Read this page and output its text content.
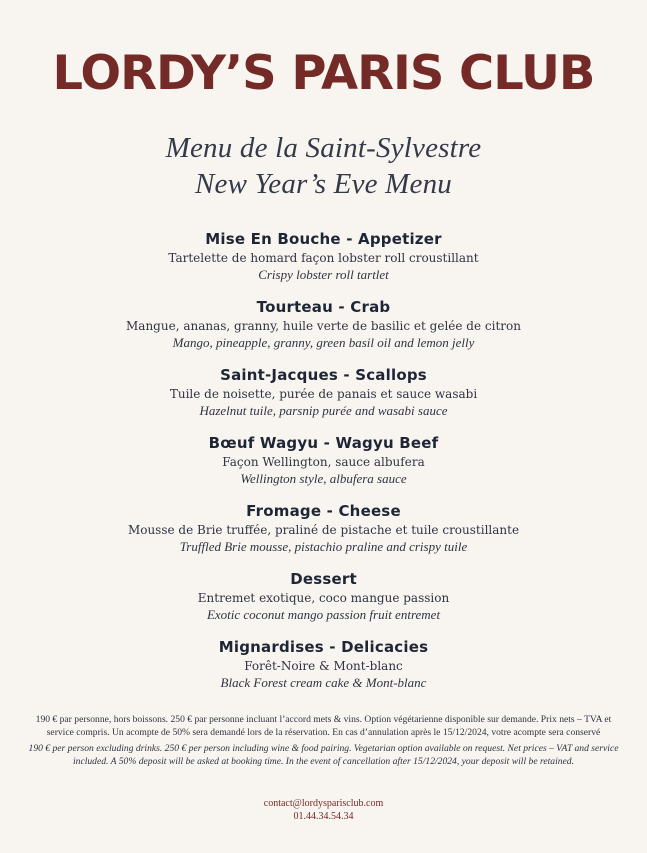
LORDY’S PARIS CLUB
Menu de la Saint-Sylvestre
New Year’s Eve Menu
Mise En Bouche - Appetizer
Tartelette de homard façon lobster roll croustillant
Crispy lobster roll tartlet
Tourteau - Crab
Mangue, ananas, granny, huile verte de basilic et gelée de citron
Mango, pineapple, granny, green basil oil and lemon jelly
Saint-Jacques - Scallops
Tuile de noisette, purée de panais et sauce wasabi
Hazelnut tuile, parsnip purée and wasabi sauce
Bœuf Wagyu - Wagyu Beef
Façon Wellington, sauce albufera
Wellington style, albufera sauce
Fromage - Cheese
Mousse de Brie truffée, praliné de pistache et tuile croustillante
Truffled Brie mousse, pistachio praline and crispy tuile
Dessert
Entremet exotique, coco mangue passion
Exotic coconut mango passion fruit entremet
Mignardises - Delicacies
Forêt-Noire & Mont-blanc
Black Forest cream cake & Mont-blanc
190 € par personne, hors boissons. 250 € par personne incluant l’accord mets & vins. Option végétarienne disponible sur demande. Prix nets – TVA et service compris. Un acompte de 50% sera demandé lors de la réservation. En cas d’annulation après le 15/12/2024, votre acompte sera conservé
190 € per person excluding drinks. 250 € per person including wine & food pairing. Vegetarian option available on request. Net prices – VAT and service included. A 50% deposit will be asked at booking time. In the event of cancellation after 15/12/2024, your deposit will be retained.
contact@lordysparisclub.com
01.44.34.54.34
